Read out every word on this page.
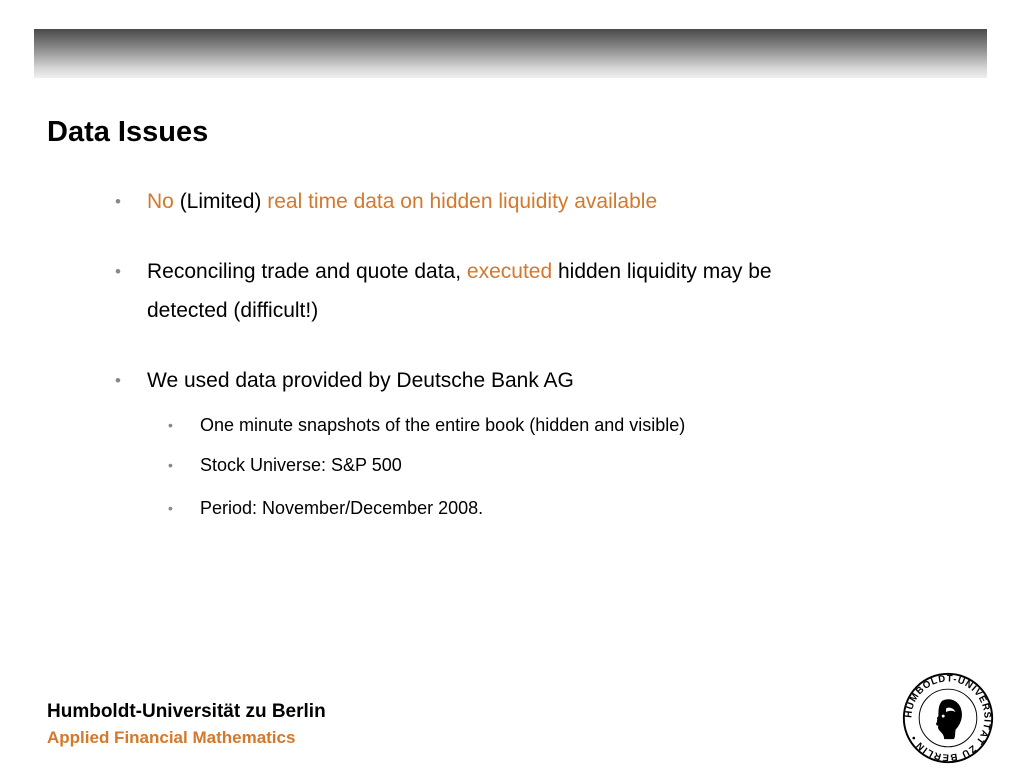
Data Issues
• No (Limited) real time data on hidden liquidity available
• Reconciling trade and quote data, executed hidden liquidity may be
detected (difficult!)
• We used data provided by Deutsche Bank AG
• One minute snapshots of the entire book (hidden and visible)
• Stock Universe: S&P 500
• Period: November/December 2008.
Humboldt-Universität zu Berlin
Applied Financial Mathematics
HUMBOLDT-UNIVERSITÄT ZU BERLIN •
